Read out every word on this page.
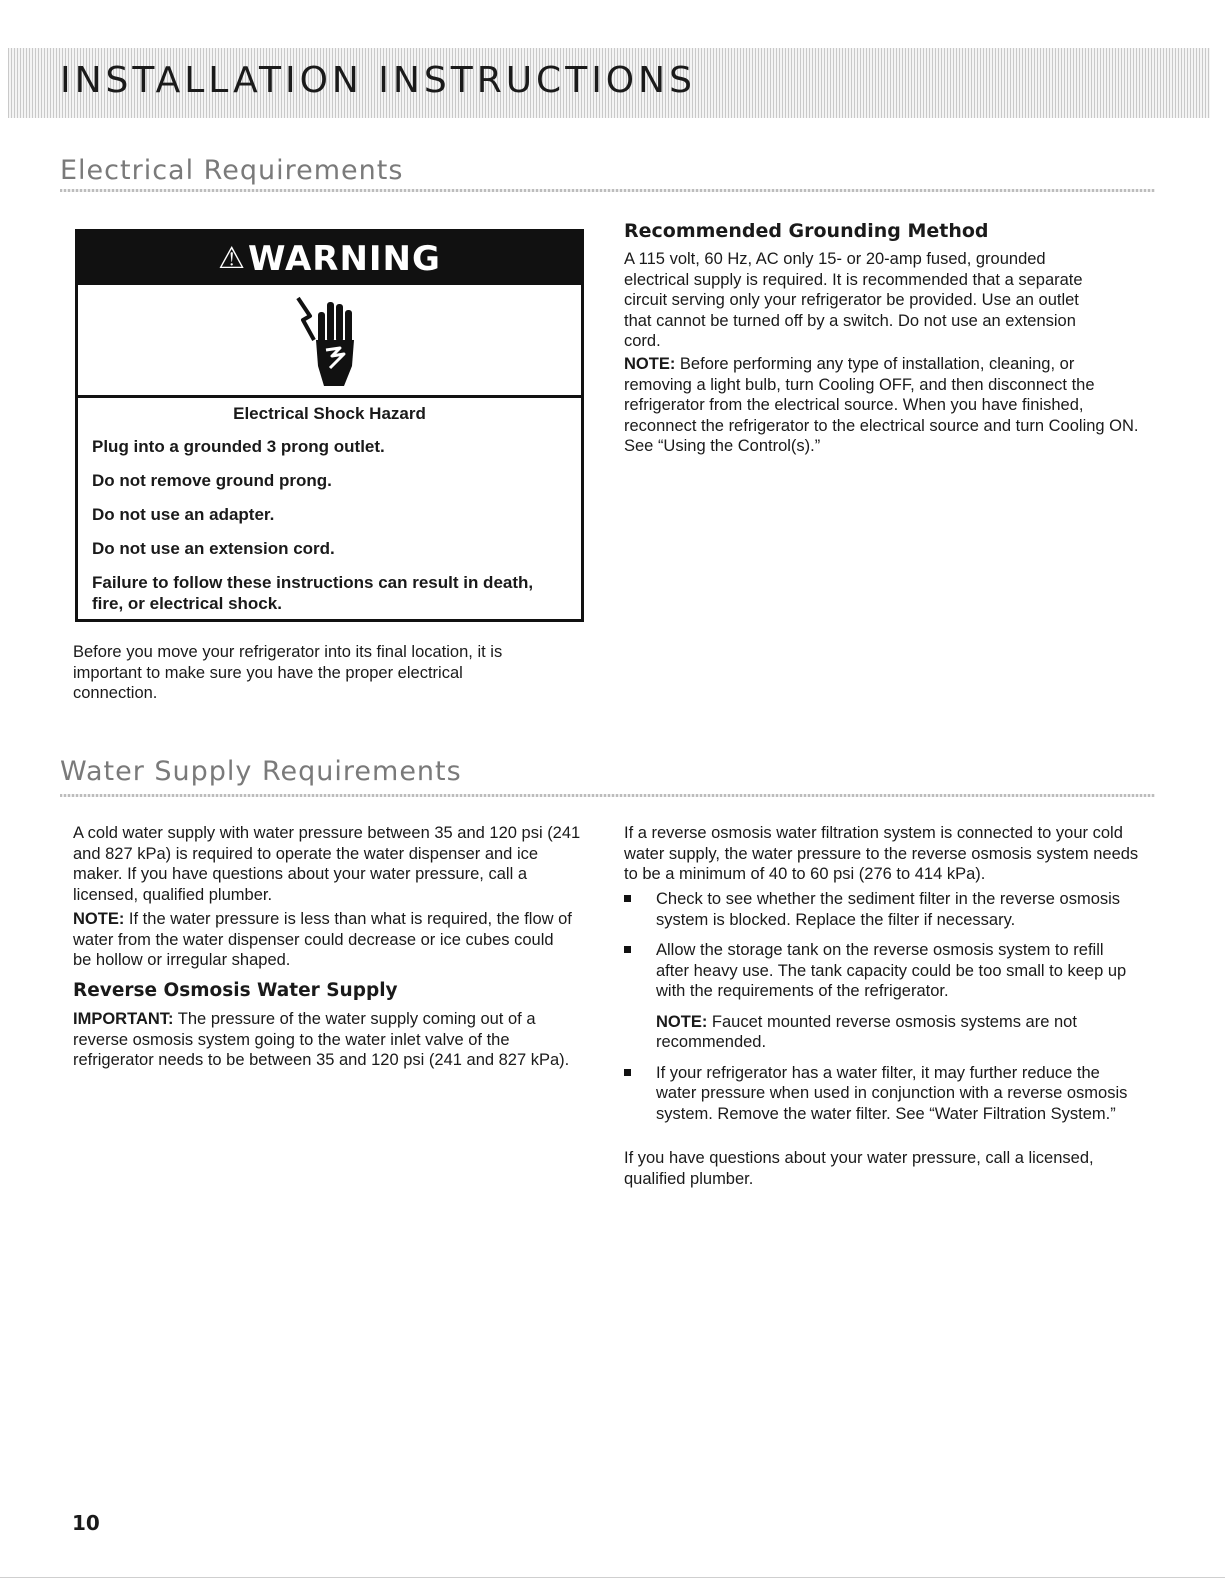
INSTALLATION INSTRUCTIONS
Electrical Requirements
⚠ WARNING

Electrical Shock Hazard

Plug into a grounded 3 prong outlet.

Do not remove ground prong.

Do not use an adapter.

Do not use an extension cord.

Failure to follow these instructions can result in death, fire, or electrical shock.

Before you move your refrigerator into its final location, it is important to make sure you have the proper electrical connection.

Recommended Grounding Method

A 115 volt, 60 Hz, AC only 15- or 20-amp fused, grounded electrical supply is required. It is recommended that a separate circuit serving only your refrigerator be provided. Use an outlet that cannot be turned off by a switch. Do not use an extension cord.

NOTE: Before performing any type of installation, cleaning, or removing a light bulb, turn Cooling OFF, and then disconnect the refrigerator from the electrical source. When you have finished, reconnect the refrigerator to the electrical source and turn Cooling ON. See “Using the Control(s).”

Water Supply Requirements

A cold water supply with water pressure between 35 and 120 psi (241 and 827 kPa) is required to operate the water dispenser and ice maker. If you have questions about your water pressure, call a licensed, qualified plumber.

NOTE: If the water pressure is less than what is required, the flow of water from the water dispenser could decrease or ice cubes could be hollow or irregular shaped.

Reverse Osmosis Water Supply

IMPORTANT: The pressure of the water supply coming out of a reverse osmosis system going to the water inlet valve of the refrigerator needs to be between 35 and 120 psi (241 and 827 kPa).

If a reverse osmosis water filtration system is connected to your cold water supply, the water pressure to the reverse osmosis system needs to be a minimum of 40 to 60 psi (276 to 414 kPa).

Check to see whether the sediment filter in the reverse osmosis system is blocked. Replace the filter if necessary.
Allow the storage tank on the reverse osmosis system to refill after heavy use. The tank capacity could be too small to keep up with the requirements of the refrigerator.
NOTE: Faucet mounted reverse osmosis systems are not recommended.
If your refrigerator has a water filter, it may further reduce the water pressure when used in conjunction with a reverse osmosis system. Remove the water filter. See “Water Filtration System.”

If you have questions about your water pressure, call a licensed, qualified plumber.

10
